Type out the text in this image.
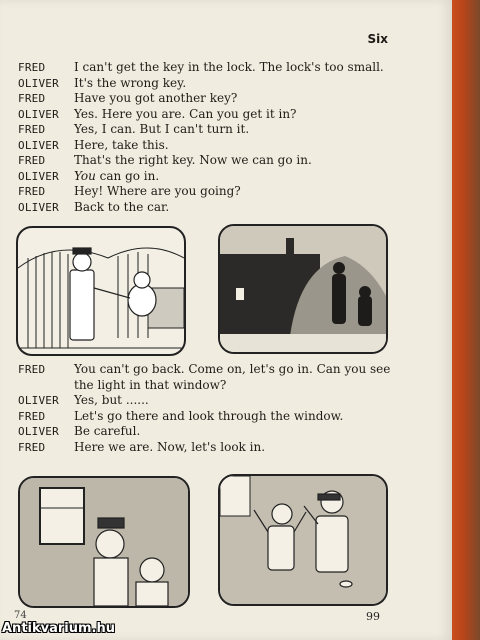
Six
FRED	I can't get the key in the lock. The lock's too small.
OLIVER	It's the wrong key.
FRED	Have you got another key?
OLIVER	Yes. Here you are. Can you get it in?
FRED	Yes, I can. But I can't turn it.
OLIVER	Here, take this.
FRED	That's the right key. Now we can go in.
OLIVER	You can go in.
FRED	Hey! Where are you going?
OLIVER	Back to the car.
FRED	You can't go back. Come on, let's go in. Can you see the light in that window?
OLIVER	Yes, but ......
FRED	Let's go there and look through the window.
OLIVER	Be careful.
FRED	Here we are. Now, let's look in.
74	99
Antikvarium.hu
